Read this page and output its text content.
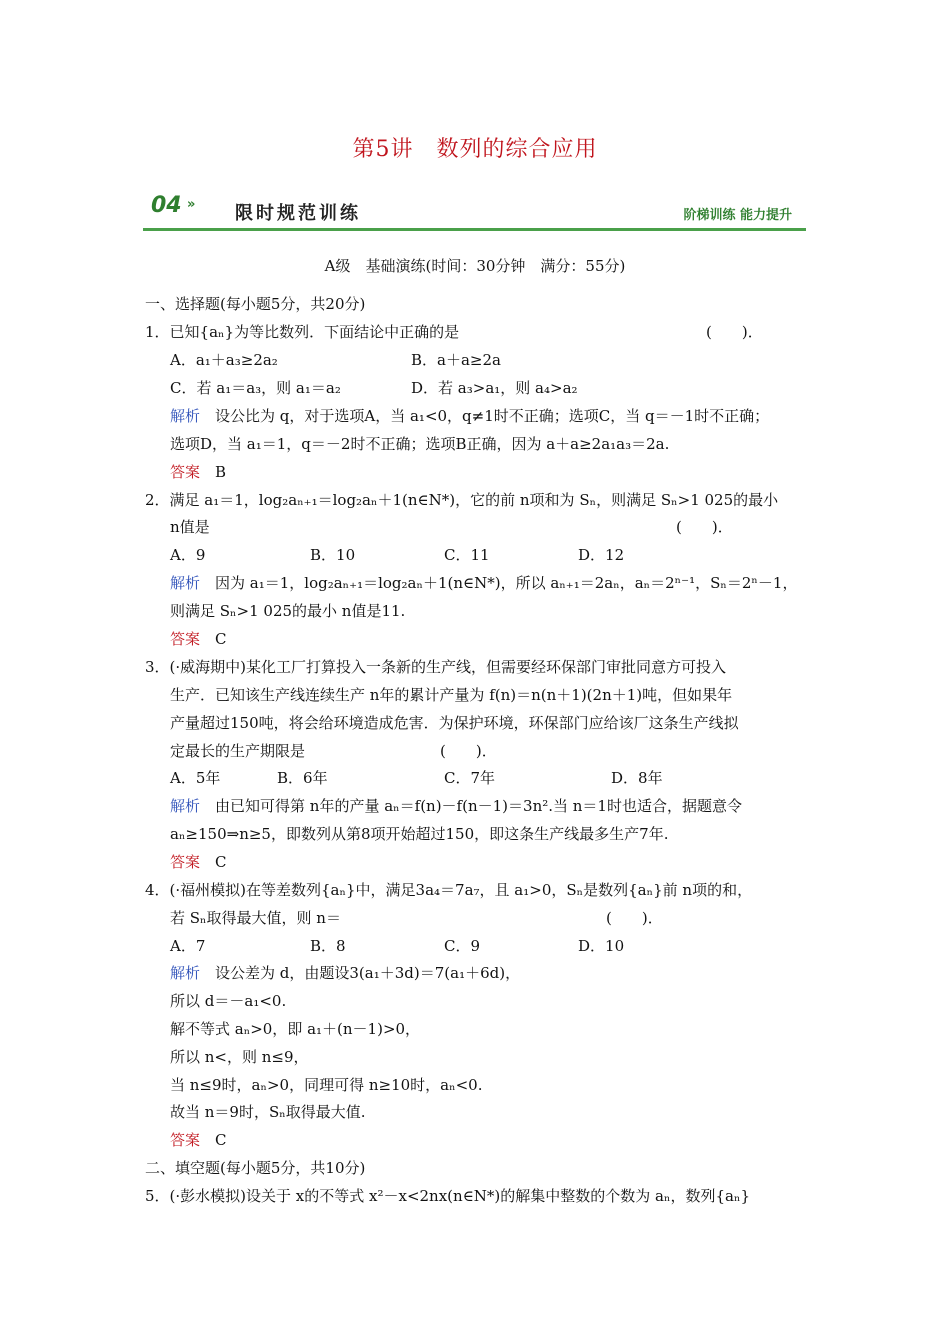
第5讲　数列的综合应用
04 » 限时规范训练	阶梯训练 能力提升
A级　基础演练(时间：30分钟　满分：55分)
一、选择题(每小题5分，共20分)
1．已知{aₙ}为等比数列．下面结论中正确的是	(　　)．
A．a₁＋a₃≥2a₂	B．a＋a≥2a
C．若 a₁＝a₃，则 a₁＝a₂	D．若 a₃>a₁，则 a₄>a₂
解析　设公比为 q，对于选项A，当 a₁<0，q≠1时不正确；选项C，当 q＝－1时不正确；
选项D，当 a₁＝1，q＝－2时不正确；选项B正确，因为 a＋a≥2a₁a₃＝2a.
答案　B
2．满足 a₁＝1，log₂aₙ₊₁＝log₂aₙ＋1(n∈N*)，它的前 n项和为 Sₙ，则满足 Sₙ>1 025的最小
n值是	(　　)．
A．9	B．10	C．11	D．12
解析　因为 a₁＝1，log₂aₙ₊₁＝log₂aₙ＋1(n∈N*)，所以 aₙ₊₁＝2aₙ，aₙ＝2ⁿ⁻¹，Sₙ＝2ⁿ－1，
则满足 Sₙ>1 025的最小 n值是11.
答案　C
3．(·威海期中)某化工厂打算投入一条新的生产线，但需要经环保部门审批同意方可投入
生产．已知该生产线连续生产 n年的累计产量为 f(n)＝n(n＋1)(2n＋1)吨，但如果年
产量超过150吨，将会给环境造成危害．为保护环境，环保部门应给该厂这条生产线拟
定最长的生产期限是	(　　)．
A．5年	B．6年	C．7年	D．8年
解析　由已知可得第 n年的产量 aₙ＝f(n)－f(n－1)＝3n².当 n＝1时也适合，据题意令
aₙ≥150⇒n≥5，即数列从第8项开始超过150，即这条生产线最多生产7年.
答案　C
4．(·福州模拟)在等差数列{aₙ}中，满足3a₄＝7a₇，且 a₁>0，Sₙ是数列{aₙ}前 n项的和，
若 Sₙ取得最大值，则 n＝	(　　)．
A．7	B．8	C．9	D．10
解析　设公差为 d，由题设3(a₁＋3d)＝7(a₁＋6d)，
所以 d＝－a₁<0.
解不等式 aₙ>0，即 a₁＋(n－1)>0，
所以 n<，则 n≤9，
当 n≤9时，aₙ>0，同理可得 n≥10时，aₙ<0.
故当 n＝9时，Sₙ取得最大值.
答案　C
二、填空题(每小题5分，共10分)
5．(·彭水模拟)设关于 x的不等式 x²－x<2nx(n∈N*)的解集中整数的个数为 aₙ，数列{aₙ}
